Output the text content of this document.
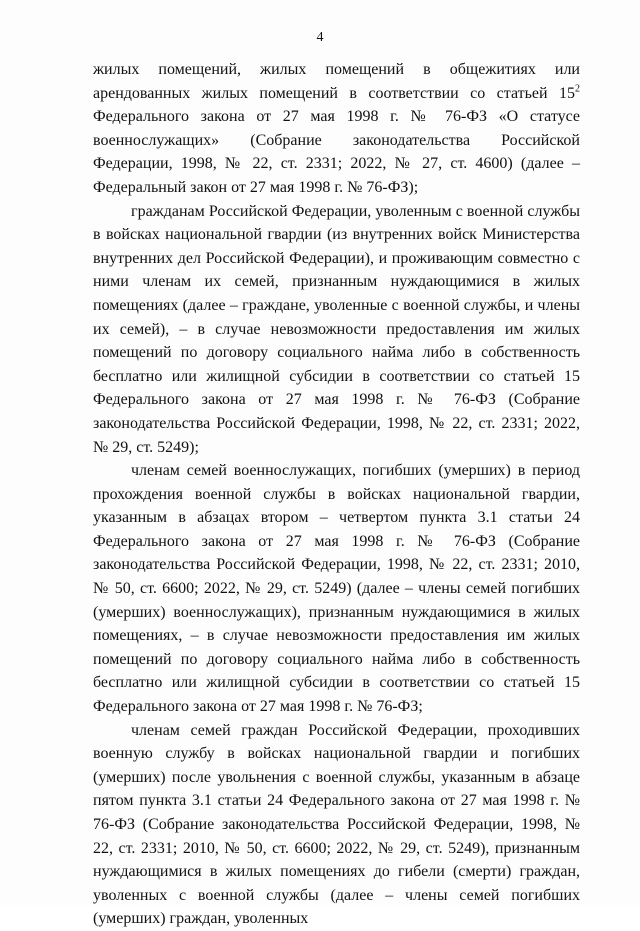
4

жилых помещений, жилых помещений в общежитиях или арендованных жилых помещений в соответствии со статьей $15^2$ Федерального закона от 27 мая 1998 г. № 76-ФЗ «О статусе военнослужащих» (Собрание законодательства Российской Федерации, 1998, № 22, ст. 2331; 2022, № 27, ст. 4600) (далее – Федеральный закон от 27 мая 1998 г. № 76-ФЗ);

гражданам Российской Федерации, уволенным с военной службы в войсках национальной гвардии (из внутренних войск Министерства внутренних дел Российской Федерации), и проживающим совместно с ними членам их семей, признанным нуждающимися в жилых помещениях (далее – граждане, уволенные с военной службы, и члены их семей), – в случае невозможности предоставления им жилых помещений по договору социального найма либо в собственность бесплатно или жилищной субсидии в соответствии со статьей 15 Федерального закона от 27 мая 1998 г. № 76-ФЗ (Собрание законодательства Российской Федерации, 1998, № 22, ст. 2331; 2022, № 29, ст. 5249);

членам семей военнослужащих, погибших (умерших) в период прохождения военной службы в войсках национальной гвардии, указанным в абзацах втором – четвертом пункта 3.1 статьи 24 Федерального закона от 27 мая 1998 г. № 76-ФЗ (Собрание законодательства Российской Федерации, 1998, № 22, ст. 2331; 2010, № 50, ст. 6600; 2022, № 29, ст. 5249) (далее – члены семей погибших (умерших) военнослужащих), признанным нуждающимися в жилых помещениях, – в случае невозможности предоставления им жилых помещений по договору социального найма либо в собственность бесплатно или жилищной субсидии в соответствии со статьей 15 Федерального закона от 27 мая 1998 г. № 76-ФЗ;

членам семей граждан Российской Федерации, проходивших военную службу в войсках национальной гвардии и погибших (умерших) после увольнения с военной службы, указанным в абзаце пятом пункта 3.1 статьи 24 Федерального закона от 27 мая 1998 г. № 76-ФЗ (Собрание законодательства Российской Федерации, 1998, № 22, ст. 2331; 2010, № 50, ст. 6600; 2022, № 29, ст. 5249), признанным нуждающимися в жилых помещениях до гибели (смерти) граждан, уволенных с военной службы (далее – члены семей погибших (умерших) граждан, уволенных
